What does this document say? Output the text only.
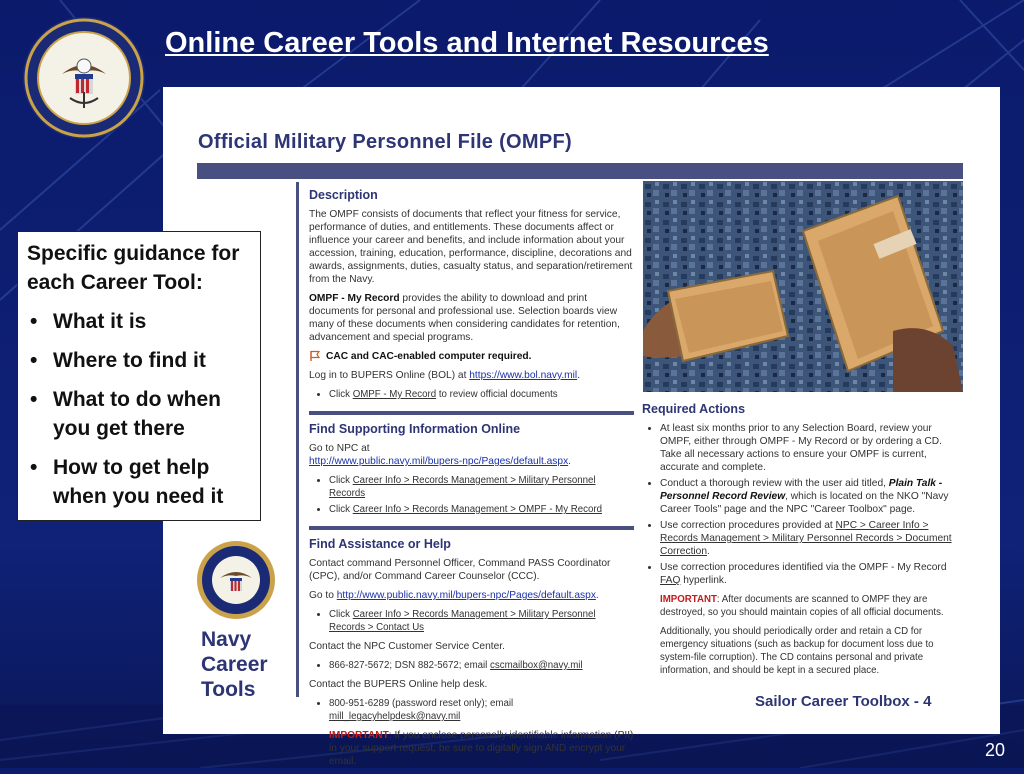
Online Career Tools and Internet Resources
Official Military Personnel File (OMPF)
Navy
Career
Tools
Description

The OMPF consists of documents that reflect your fitness for service, performance of duties, and entitlements. These documents affect or influence your career and benefits, and include information about your accession, training, education, performance, discipline, decorations and awards, assignments, duties, casualty status, and separation/retirement from the Navy.

OMPF - My Record provides the ability to download and print documents for personal and professional use. Selection boards view many of these documents when considering candidates for retention, advancement and special programs.

CAC and CAC-enabled computer required.

Log in to BUPERS Online (BOL) at https://www.bol.navy.mil.

• Click OMPF - My Record to review official documents
Find Supporting Information Online

Go to NPC at
http://www.public.navy.mil/bupers-npc/Pages/default.aspx.

• Click Career Info > Records Management > Military Personnel Records
• Click Career Info > Records Management > OMPF - My Record
Find Assistance or Help

Contact command Personnel Officer, Command PASS Coordinator (CPC), and/or Command Career Counselor (CCC).

Go to http://www.public.navy.mil/bupers-npc/Pages/default.aspx.

• Click Career Info > Records Management > Military Personnel Records > Contact Us

Contact the NPC Customer Service Center.

• 866-827-5672; DSN 882-5672; email cscmailbox@navy.mil

Contact the BUPERS Online help desk.

• 800-951-6289 (password reset only); email mill_legacyhelpdesk@navy.mil

IMPORTANT: If you enclose personally identifiable information (PII) in your support request, be sure to digitally sign AND encrypt your email.

Required Actions
• At least six months prior to any Selection Board, review your OMPF, either through OMPF - My Record or by ordering a CD. Take all necessary actions to ensure your OMPF is current, accurate and complete.
• Conduct a thorough review with the user aid titled, Plain Talk - Personnel Record Review, which is located on the NKO "Navy Career Tools" page and the NPC "Career Toolbox" page.
• Use correction procedures provided at NPC > Career Info > Records Management > Military Personnel Records > Document Correction.
• Use correction procedures identified via the OMPF - My Record FAQ hyperlink.

IMPORTANT: After documents are scanned to OMPF they are destroyed, so you should maintain copies of all official documents.

Additionally, you should periodically order and retain a CD for emergency situations (such as backup for document loss due to system-file corruption). The CD contains personal and private information, and should be kept in a secured place.

Sailor Career Toolbox - 4
Specific guidance for each Career Tool:
• What it is
• Where to find it
• What to do when you get there
• How to get help when you need it
20
